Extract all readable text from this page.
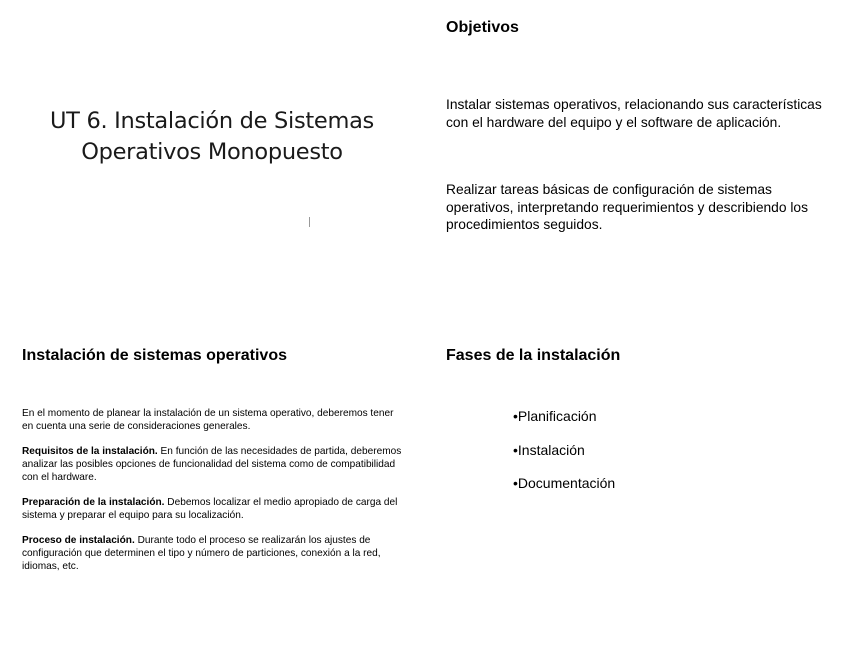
UT 6. Instalación de Sistemas
Operativos Monopuesto
Objetivos
Instalar sistemas operativos, relacionando sus características con el hardware del equipo y el software de aplicación.
Realizar tareas básicas de configuración de sistemas operativos, interpretando requerimientos y describiendo los procedimientos seguidos.
Instalación de sistemas operativos
En el momento de planear la instalación de un sistema operativo, deberemos tener en cuenta una serie de consideraciones generales.
Requisitos de la instalación. En función de las necesidades de partida, deberemos analizar las posibles opciones de funcionalidad del sistema como de compatibilidad con el hardware.
Preparación de la instalación. Debemos localizar el medio apropiado de carga del sistema y preparar el equipo para su localización.
Proceso de instalación. Durante todo el proceso se realizarán los ajustes de configuración que determinen el tipo y número de particiones, conexión a la red, idiomas, etc.
Fases de la instalación
•Planificación
•Instalación
•Documentación
